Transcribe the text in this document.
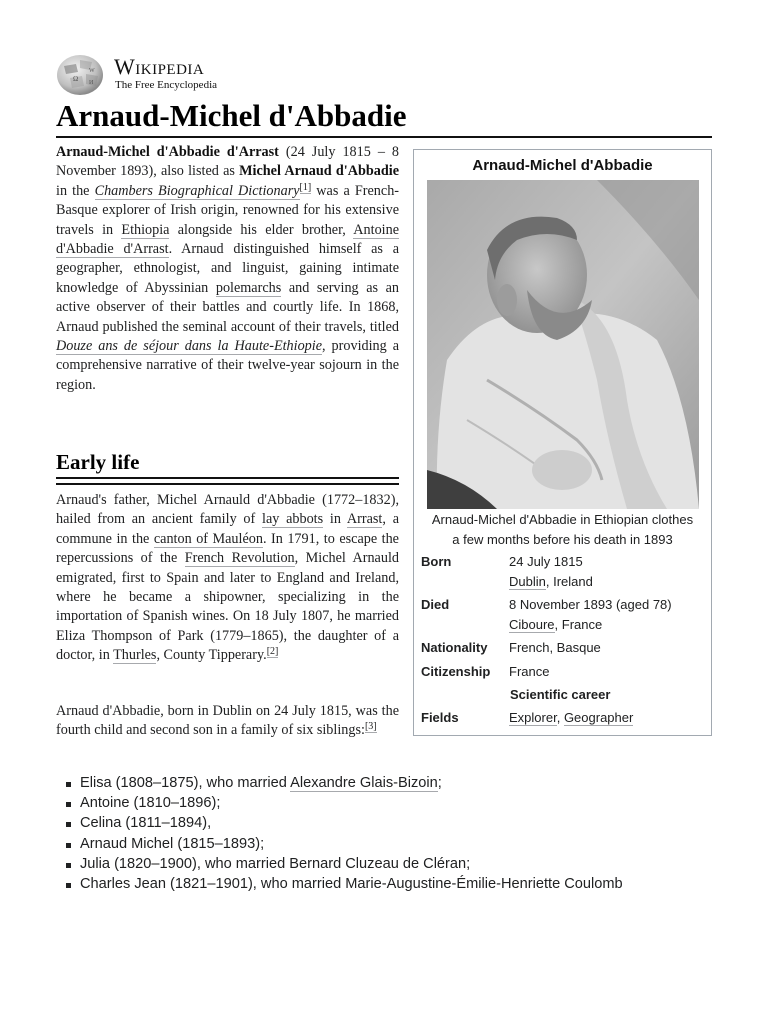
Ω
W
И
Wikipedia
The Free Encyclopedia
Arnaud-Michel d'Abbadie

Arnaud-Michel d'Abbadie d'Arrast (24 July 1815 – 8 November 1893), also listed as Michel Arnaud d'Abbadie in the Chambers Biographical Dictionary[1] was a French-Basque explorer of Irish origin, renowned for his extensive travels in Ethiopia alongside his elder brother, Antoine d'Abbadie d'Arrast. Arnaud distinguished himself as a geographer, ethnologist, and linguist, gaining intimate knowledge of Abyssinian polemarchs and serving as an active observer of their battles and courtly life. In 1868, Arnaud published the seminal account of their travels, titled Douze ans de séjour dans la Haute-Ethiopie, providing a comprehensive narrative of their twelve-year sojourn in the region.

Early life

Arnaud's father, Michel Arnauld d'Abbadie (1772–1832), hailed from an ancient family of lay abbots in Arrast, a commune in the canton of Mauléon. In 1791, to escape the repercussions of the French Revolution, Michel Arnauld emigrated, first to Spain and later to England and Ireland, where he became a shipowner, specializing in the importation of Spanish wines. On 18 July 1807, he married Eliza Thompson of Park (1779–1865), the daughter of a doctor, in Thurles, County Tipperary.[2]

Arnaud d'Abbadie, born in Dublin on 24 July 1815, was the fourth child and second son in a family of six siblings:[3]

Elisa (1808–1875), who married Alexandre Glais-Bizoin;
Antoine (1810–1896);
Celina (1811–1894),
Arnaud Michel (1815–1893);
Julia (1820–1900), who married Bernard Cluzeau de Cléran;
Charles Jean (1821–1901), who married Marie-Augustine-Émilie-Henriette Coulomb
Arnaud-Michel d'Abbadie
Arnaud-Michel d'Abbadie in Ethiopian clothes
a few months before his death in 1893
Born	24 July 1815
Dublin, Ireland
Died	8 November 1893 (aged 78)
Ciboure, France
Nationality French, Basque
Citizenship France
Scientific career
Fields	Explorer, Geographer
